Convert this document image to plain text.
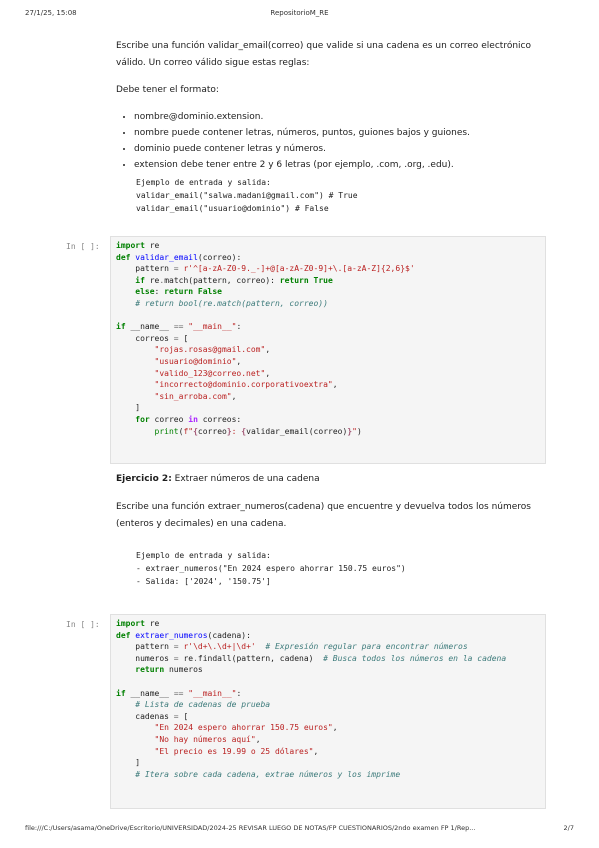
27/1/25, 15:08	RepositorioM_RE
Escribe una función validar_email(correo) que valide si una cadena es un correo electrónico válido. Un correo válido sigue estas reglas:
Debe tener el formato:
• nombre@dominio.extension.
• nombre puede contener letras, números, puntos, guiones bajos y guiones.
• dominio puede contener letras y números.
• extension debe tener entre 2 y 6 letras (por ejemplo, .com, .org, .edu).
Ejemplo de entrada y salida:
validar_email("salwa.madani@gmail.com") # True
validar_email("usuario@dominio") # False
In [ ]:	import re
def validar_email(correo):
pattern = r'^[a-zA-Z0-9._-]+@[a-zA-Z0-9]+\.[a-zA-Z]{2,6}$'
if re.match(pattern, correo): return True
else: return False
# return bool(re.match(pattern, correo))

if __name__ == "__main__":
correos = [
"rojas.rosas@gmail.com",
"usuario@dominio",
"valido_123@correo.net",
"incorrecto@dominio.corporativoextra",
"sin_arroba.com",
]
for correo in correos:
print(f"{correo}: {validar_email(correo)}")
Ejercicio 2: Extraer números de una cadena
Escribe una función extraer_numeros(cadena) que encuentre y devuelva todos los números (enteros y decimales) en una cadena.
Ejemplo de entrada y salida:
- extraer_numeros("En 2024 espero ahorrar 150.75 euros")
- Salida: ['2024', '150.75']
In [ ]:	import re
def extraer_numeros(cadena):
pattern = r'\d+\.\d+|\d+' # Expresión regular para encontrar números
numeros = re.findall(pattern, cadena)  # Busca todos los números en la cadena
return numeros

if __name__ == "__main__":
# Lista de cadenas de prueba
cadenas = [
"En 2024 espero ahorrar 150.75 euros",
"No hay números aquí",
"El precio es 19.99 o 25 dólares",
]
# Itera sobre cada cadena, extrae números y los imprime
file:///C:/Users/asama/OneDrive/Escritorio/UNIVERSIDAD/2024-25 REVISAR LUEGO DE NOTAS/FP CUESTIONARIOS/2ndo examen FP 1/Rep...	2/7
